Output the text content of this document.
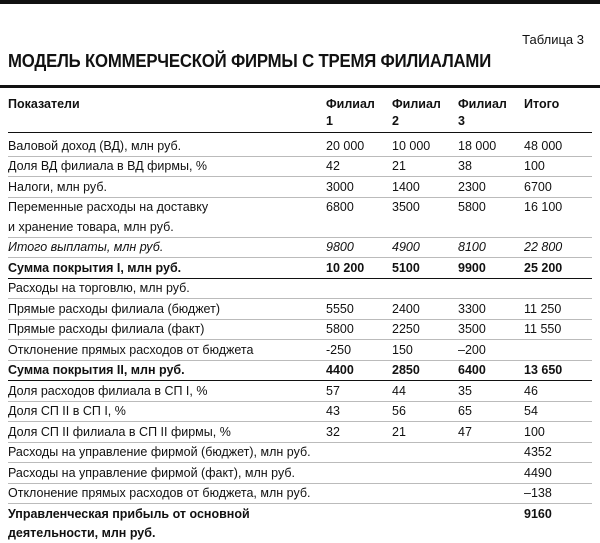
Таблица 3
МОДЕЛЬ КОММЕРЧЕСКОЙ ФИРМЫ С ТРЕМЯ ФИЛИАЛАМИ
Показатели	Филиал	Филиал	Филиал	Итого
	1	2	3	
Валовой доход (ВД), млн руб.	20 000	10 000	18 000	48 000
Доля ВД филиала в ВД фирмы, %	42	21	38	100
Налоги, млн руб.	3000	1400	2300	6700
Переменные расходы на доставку	6800	3500	5800	16 100
и хранение товара, млн руб.				
Итого выплаты, млн руб.	9800	4900	8100	22 800
Сумма покрытия I, млн руб.	10 200	5100	9900	25 200
Расходы на торговлю, млн руб.				
Прямые расходы филиала (бюджет)	5550	2400	3300	11 250
Прямые расходы филиала (факт)	5800	2250	3500	11 550
Отклонение прямых расходов от бюджета	-250	150	–200	
Сумма покрытия II, млн руб.	4400	2850	6400	13 650
Доля расходов филиала в СП I, %	57	44	35	46
Доля СП II в СП I, %	43	56	65	54
Доля СП II филиала в СП II фирмы, %	32	21	47	100
Расходы на управление фирмой (бюджет), млн руб.				4352
Расходы на управление фирмой (факт), млн руб.				4490
Отклонение прямых расходов от бюджета, млн руб.				–138
Управленческая прибыль от основной				9160
деятельности, млн руб.				
